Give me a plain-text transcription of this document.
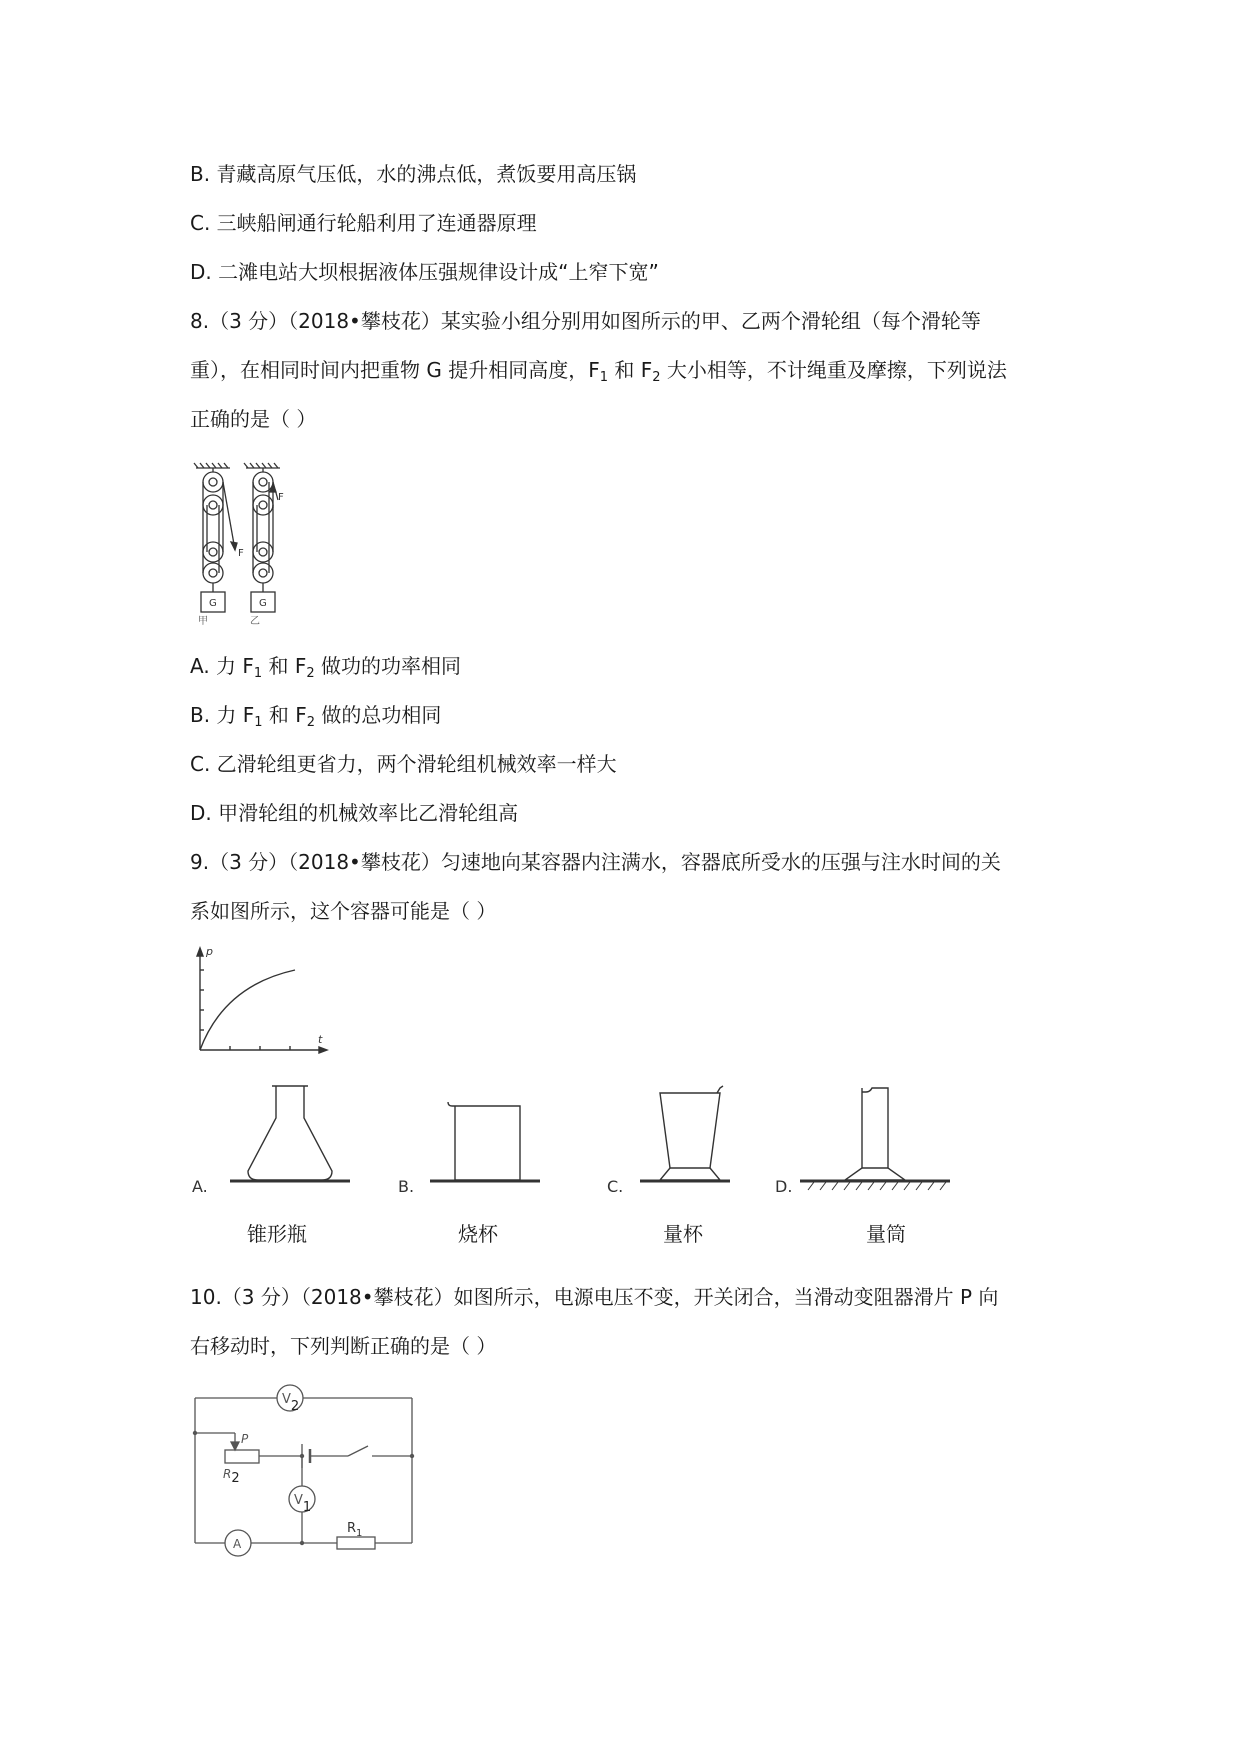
B. 青藏高原气压低，水的沸点低，煮饭要用高压锅
C. 三峡船闸通行轮船利用了连通器原理
D. 二滩电站大坝根据液体压强规律设计成“上窄下宽”
8.（3 分）（2018•攀枝花）某实验小组分别用如图所示的甲、乙两个滑轮组（每个滑轮等
重），在相同时间内把重物 G 提升相同高度，$F_1$ 和 $F_2$ 大小相等，不计绳重及摩擦，下列说法
正确的是（ ）
F
F
G	G
甲	乙
A. 力 $F_1$ 和 $F_2$ 做功的功率相同
B. 力 $F_1$ 和 $F_2$ 做的总功相同
C. 乙滑轮组更省力，两个滑轮组机械效率一样大
D. 甲滑轮组的机械效率比乙滑轮组高
9.（3 分）（2018•攀枝花）匀速地向某容器内注满水，容器底所受水的压强与注水时间的关
系如图所示，这个容器可能是（ ）
p
t
A.	B.	C.	D.
锥形瓶	烧杯	量杯	量筒
10.（3 分）（2018•攀枝花）如图所示，电源电压不变，开关闭合，当滑动变阻器滑片 P 向
右移动时，下列判断正确的是（ ）
V2
V1
A
P
R2
$R_1$
